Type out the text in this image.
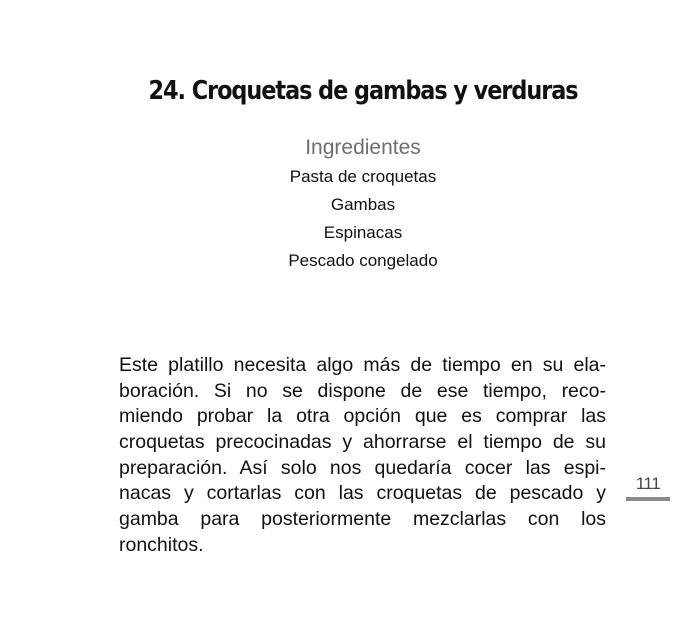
24. Croquetas de gambas y verduras
Ingredientes
Pasta de croquetas
Gambas
Espinacas
Pescado congelado

Este platillo necesita algo más de tiempo en su ela-
boración. Si no se dispone de ese tiempo, reco-
miendo probar la otra opción que es comprar las
croquetas precocinadas y ahorrarse el tiempo de su
preparación. Así solo nos quedaría cocer las espi-
nacas y cortarlas con las croquetas de pescado y
gamba para posteriormente mezclarlas con los
ronchitos.

111
